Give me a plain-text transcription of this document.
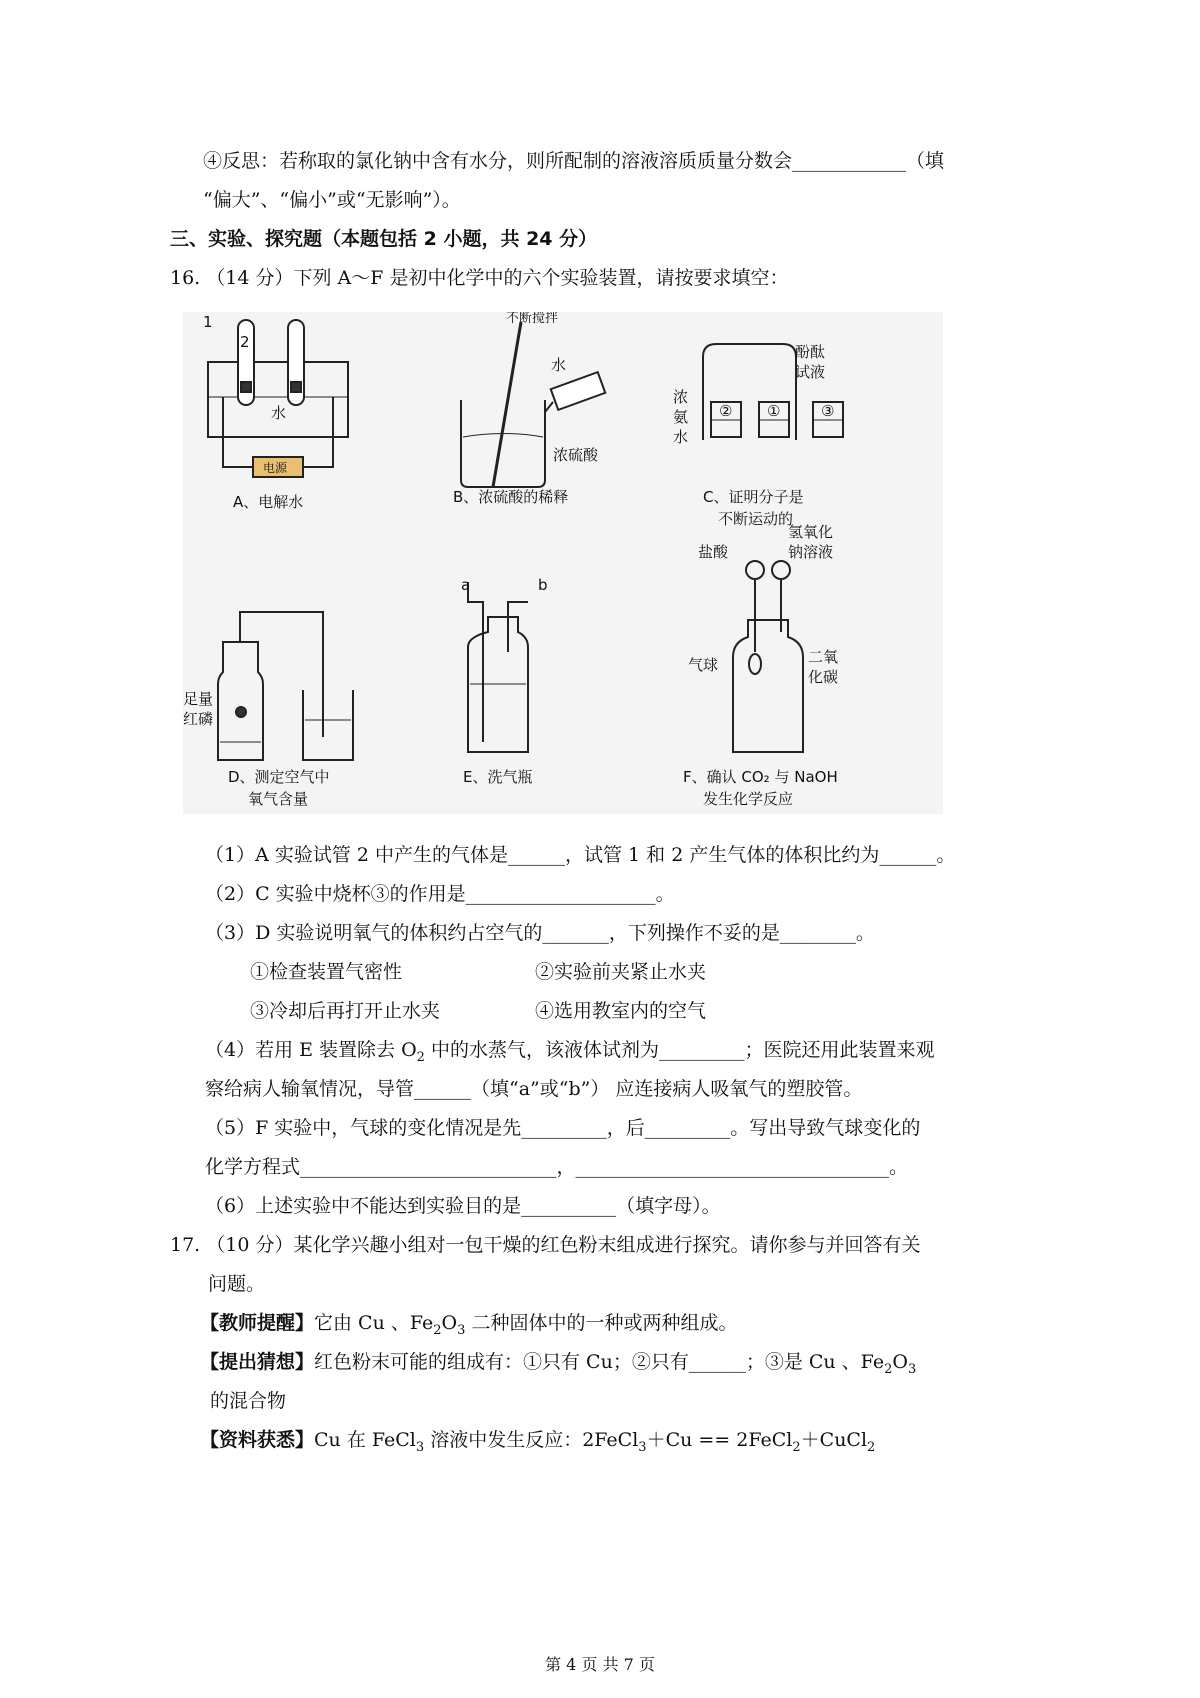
④反思：若称取的氯化钠中含有水分，则所配制的溶液溶质质量分数会____________（填
“偏大”、“偏小”或“无影响”）。
三、实验、探究题（本题包括 2 小题，共 24 分）
16. （14 分）下列 A～F 是初中化学中的六个实验装置，请按要求填空：
1
2
水
电源
A、电解水
不断搅拌
水
浓硫酸
B、浓硫酸的稀释
酚酞
试液
浓
氨
水
② ①	③
C、证明分子是
不断运动的
足量
红磷
D、测定空气中
氧气含量
a	b
E、洗气瓶
盐酸
氢氧化
钠溶液
气球	二氧
化碳
F、确认 CO₂ 与 NaOH
发生化学反应
（1）A 实验试管 2 中产生的气体是______，试管 1 和 2 产生气体的体积比约为______。
（2）C 实验中烧杯③的作用是____________________。
（3）D 实验说明氧气的体积约占空气的_______，下列操作不妥的是________。
①检查装置气密性	②实验前夹紧止水夹
③冷却后再打开止水夹	④选用教室内的空气
（4）若用 E 装置除去 $O_2$ 中的水蒸气，该液体试剂为_________；医院还用此装置来观
察给病人输氧情况，导管______（填“a”或“b”） 应连接病人吸氧气的塑胶管。
（5）F 实验中，气球的变化情况是先_________，后_________。写出导致气球变化的
化学方程式___________________________，_________________________________。
（6）上述实验中不能达到实验目的是__________（填字母）。
17. （10 分）某化学兴趣小组对一包干燥的红色粉末组成进行探究。请你参与并回答有关
问题。
【教师提醒】它由 Cu 、$Fe_2O_3$ 二种固体中的一种或两种组成。
【提出猜想】红色粉末可能的组成有：①只有 Cu；②只有______；③是 Cu 、$Fe_2O_3$
的混合物
【资料获悉】Cu 在 FeCl$_3$ 溶液中发生反应：2FeCl$_3$＋Cu == 2FeCl$_2$＋CuCl$_2$
第 4 页 共 7 页
